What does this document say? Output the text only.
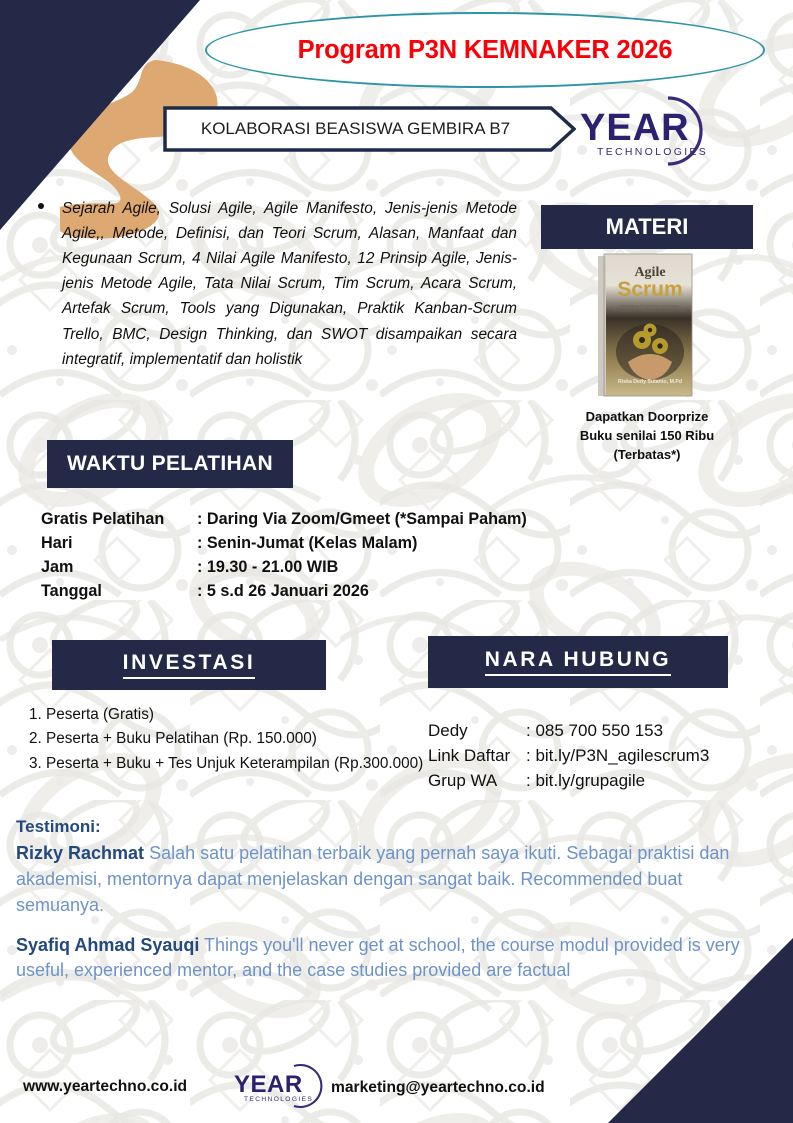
Program P3N KEMNAKER 2026
KOLABORASI BEASISWA GEMBIRA B7	YEAR
TECHNOLOGIES
Sejarah Agile, Solusi Agile, Agile Manifesto, Jenis-jenis Metode Agile,, Metode, Definisi, dan Teori Scrum, Alasan, Manfaat dan Kegunaan Scrum, 4 Nilai Agile Manifesto, 12 Prinsip Agile, Jenis-jenis Metode Agile, Tata Nilai Scrum, Tim Scrum, Acara Scrum, Artefak Scrum, Tools yang Digunakan, Praktik Kanban-Scrum Trello, BMC, Design Thinking, dan SWOT disampaikan secara integratif, implementatif dan holistik
MATERI
Agile
Scrum
Menciptakan Produktivitas Kemandirian,
Berbasis Kerja Tim dengan Metode Scrum Agile
Riska Dedy Sutanto, M.Pd
Dapatkan Doorprize
Buku senilai 150 Ribu
(Terbatas*)
WAKTU PELATIHAN
Gratis Pelatihan	: Daring Via Zoom/Gmeet (*Sampai Paham)
Hari	: Senin-Jumat (Kelas Malam)
Jam	: 19.30 - 21.00 WIB
Tanggal	: 5 s.d 26 Januari 2026
INVESTASI
1. Peserta (Gratis)
2. Peserta + Buku Pelatihan (Rp. 150.000)
3. Peserta + Buku + Tes Unjuk Keterampilan (Rp.300.000)
NARA HUBUNG
Dedy	: 085 700 550 153
Link Daftar : bit.ly/P3N_agilescrum3
Grup WA	: bit.ly/grupagile
Testimoni:
Rizky Rachmat Salah satu pelatihan terbaik yang pernah saya ikuti. Sebagai praktisi dan akademisi, mentornya dapat menjelaskan dengan sangat baik. Recommended buat semuanya.
Syafiq Ahmad Syauqi Things you'll never get at school, the course modul provided is very useful, experienced mentor, and the case studies provided are factual
www.yeartechno.co.id YEAR
TECHNOLOGIES
marketing@yeartechno.co.id
